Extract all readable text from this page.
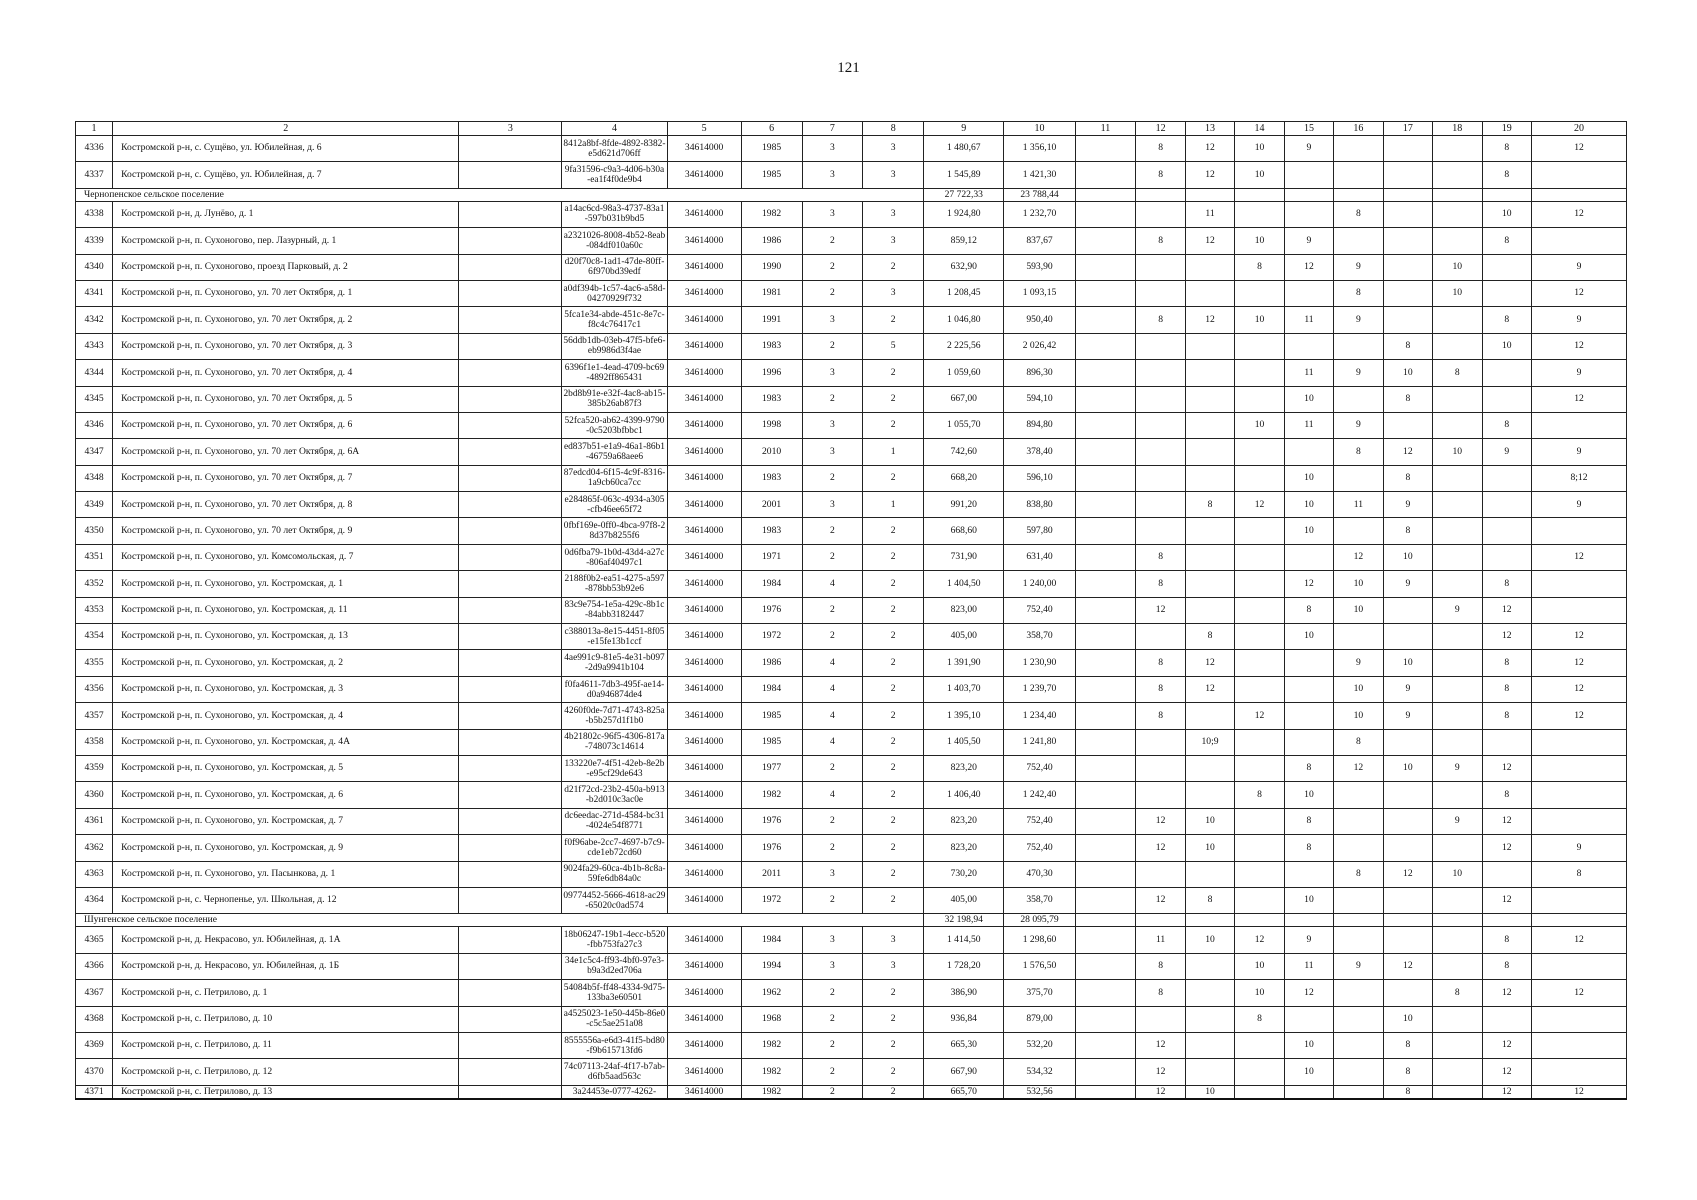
121
1	2	3	4	5	6	7	8	9	10	11	12	13	14	15	16	17	18	19	20
4336	Костромской р-н, с. Сущёво, ул. Юбилейная, д. 6		8412a8bf-8fde-4892-8382-e5d621d706ff	34614000	1985	3	3	1 480,67	1 356,10		8	12	10	9				8	12
4337	Костромской р-н, с. Сущёво, ул. Юбилейная, д. 7		9fa31596-c9a3-4d06-b30a-ea1f4f0de9b4	34614000	1985	3	3	1 545,89	1 421,30		8	12	10					8	
Чернопенское сельское поселение								27 722,33	23 788,44										
4338	Костромской р-н, д. Лунёво, д. 1		a14ac6cd-98a3-4737-83a1-597b031b9bd5	34614000	1982	3	3	1 924,80	1 232,70			11			8			10	12
4339	Костромской р-н, п. Сухоногово, пер. Лазурный, д. 1		a2321026-8008-4b52-8eab-084df010a60c	34614000	1986	2	3	859,12	837,67		8	12	10	9				8	
4340	Костромской р-н, п. Сухоногово, проезд Парковый, д. 2		d20f70c8-1ad1-47de-80ff-6f970bd39edf	34614000	1990	2	2	632,90	593,90				8	12	9		10		9
4341	Костромской р-н, п. Сухоногово, ул. 70 лет Октября, д. 1		a0df394b-1c57-4ac6-a58d-04270929f732	34614000	1981	2	3	1 208,45	1 093,15						8		10		12
4342	Костромской р-н, п. Сухоногово, ул. 70 лет Октября, д. 2		5fca1e34-abde-451c-8e7c-f8c4c76417c1	34614000	1991	3	2	1 046,80	950,40		8	12	10	11	9			8	9
4343	Костромской р-н, п. Сухоногово, ул. 70 лет Октября, д. 3		56ddb1db-03eb-47f5-bfe6-eb9986d3f4ae	34614000	1983	2	5	2 225,56	2 026,42							8		10	12
4344	Костромской р-н, п. Сухоногово, ул. 70 лет Октября, д. 4		6396f1e1-4ead-4709-bc69-4892ff865431	34614000	1996	3	2	1 059,60	896,30					11	9	10	8		9
4345	Костромской р-н, п. Сухоногово, ул. 70 лет Октября, д. 5		2bd8b91e-e32f-4ac8-ab15-385b26ab87f3	34614000	1983	2	2	667,00	594,10					10		8			12
4346	Костромской р-н, п. Сухоногово, ул. 70 лет Октября, д. 6		52fca520-ab62-4399-9790-0c5203bfbbc1	34614000	1998	3	2	1 055,70	894,80				10	11	9			8	
4347	Костромской р-н, п. Сухоногово, ул. 70 лет Октября, д. 6А		ed837b51-e1a9-46a1-86b1-46759a68aee6	34614000	2010	3	1	742,60	378,40						8	12	10	9	9
4348	Костромской р-н, п. Сухоногово, ул. 70 лет Октября, д. 7		87edcd04-6f15-4c9f-8316-1a9cb60ca7cc	34614000	1983	2	2	668,20	596,10					10		8			8;12
4349	Костромской р-н, п. Сухоногово, ул. 70 лет Октября, д. 8		e284865f-063c-4934-a305-cfb46ee65f72	34614000	2001	3	1	991,20	838,80			8	12	10	11	9			9
4350	Костромской р-н, п. Сухоногово, ул. 70 лет Октября, д. 9		0fbf169e-0ff0-4bca-97f8-28d37b8255f6	34614000	1983	2	2	668,60	597,80					10		8			
4351	Костромской р-н, п. Сухоногово, ул. Комсомольская, д. 7		0d6fba79-1b0d-43d4-a27c-806af40497c1	34614000	1971	2	2	731,90	631,40		8				12	10			12
4352	Костромской р-н, п. Сухоногово, ул. Костромская, д. 1		2188f0b2-ea51-4275-a597-878bb53b92e6	34614000	1984	4	2	1 404,50	1 240,00		8			12	10	9		8	
4353	Костромской р-н, п. Сухоногово, ул. Костромская, д. 11		83c9e754-1e5a-429c-8b1c-84abb3182447	34614000	1976	2	2	823,00	752,40		12			8	10		9	12	
4354	Костромской р-н, п. Сухоногово, ул. Костромская, д. 13		c388013a-8e15-4451-8f05-e15fe13b1ccf	34614000	1972	2	2	405,00	358,70			8		10				12	12
4355	Костромской р-н, п. Сухоногово, ул. Костромская, д. 2		4ae991c9-81e5-4e31-b097-2d9a9941b104	34614000	1986	4	2	1 391,90	1 230,90		8	12			9	10		8	12
4356	Костромской р-н, п. Сухоногово, ул. Костромская, д. 3		f0fa4611-7db3-495f-ae14-d0a946874de4	34614000	1984	4	2	1 403,70	1 239,70		8	12			10	9		8	12
4357	Костромской р-н, п. Сухоногово, ул. Костромская, д. 4		4260f0de-7d71-4743-825a-b5b257d1f1b0	34614000	1985	4	2	1 395,10	1 234,40		8		12		10	9		8	12
4358	Костромской р-н, п. Сухоногово, ул. Костромская, д. 4А		4b21802c-96f5-4306-817a-748073c14614	34614000	1985	4	2	1 405,50	1 241,80			10;9			8				
4359	Костромской р-н, п. Сухоногово, ул. Костромская, д. 5		133220e7-4f51-42eb-8e2b-e95cf29de643	34614000	1977	2	2	823,20	752,40					8	12	10	9	12	
4360	Костромской р-н, п. Сухоногово, ул. Костромская, д. 6		d21f72cd-23b2-450a-b913-b2d010c3ac0e	34614000	1982	4	2	1 406,40	1 242,40				8	10				8	
4361	Костромской р-н, п. Сухоногово, ул. Костромская, д. 7		dc6eedac-271d-4584-bc31-4024e54f8771	34614000	1976	2	2	823,20	752,40		12	10		8			9	12	
4362	Костромской р-н, п. Сухоногово, ул. Костромская, д. 9		f0f96abe-2cc7-4697-b7c9-cde1eb72cd60	34614000	1976	2	2	823,20	752,40		12	10		8				12	9
4363	Костромской р-н, п. Сухоногово, ул. Пасынкова, д. 1		9024fa29-60ca-4b1b-8c8a-59fe6db84a0c	34614000	2011	3	2	730,20	470,30						8	12	10		8
4364	Костромской р-н, с. Чернопенье, ул. Школьная, д. 12		09774452-5666-4618-ac29-65020c0ad574	34614000	1972	2	2	405,00	358,70		12	8		10				12	
Шунгенское сельское поселение								32 198,94	28 095,79										
4365	Костромской р-н, д. Некрасово, ул. Юбилейная, д. 1А		18b06247-19b1-4ecc-b520-fbb753fa27c3	34614000	1984	3	3	1 414,50	1 298,60		11	10	12	9				8	12
4366	Костромской р-н, д. Некрасово, ул. Юбилейная, д. 1Б		34e1c5c4-ff93-4bf0-97e3-b9a3d2ed706a	34614000	1994	3	3	1 728,20	1 576,50		8		10	11	9	12		8	
4367	Костромской р-н, с. Петрилово, д. 1		54084b5f-ff48-4334-9d75-133ba3e60501	34614000	1962	2	2	386,90	375,70		8		10	12			8	12	12
4368	Костромской р-н, с. Петрилово, д. 10		a4525023-1e50-445b-86e0-c5c5ae251a08	34614000	1968	2	2	936,84	879,00				8			10			
4369	Костромской р-н, с. Петрилово, д. 11		8555556a-e6d3-41f5-bd80-f9b615713fd6	34614000	1982	2	2	665,30	532,20		12			10		8		12	
4370	Костромской р-н, с. Петрилово, д. 12		74c07113-24af-4f17-b7ab-d6fb5aad563c	34614000	1982	2	2	667,90	534,32		12			10		8		12	
4371	Костромской р-н, с. Петрилово, д. 13		3a24453e-0777-4262-	34614000	1982	2	2	665,70	532,56		12	10				8		12	12
